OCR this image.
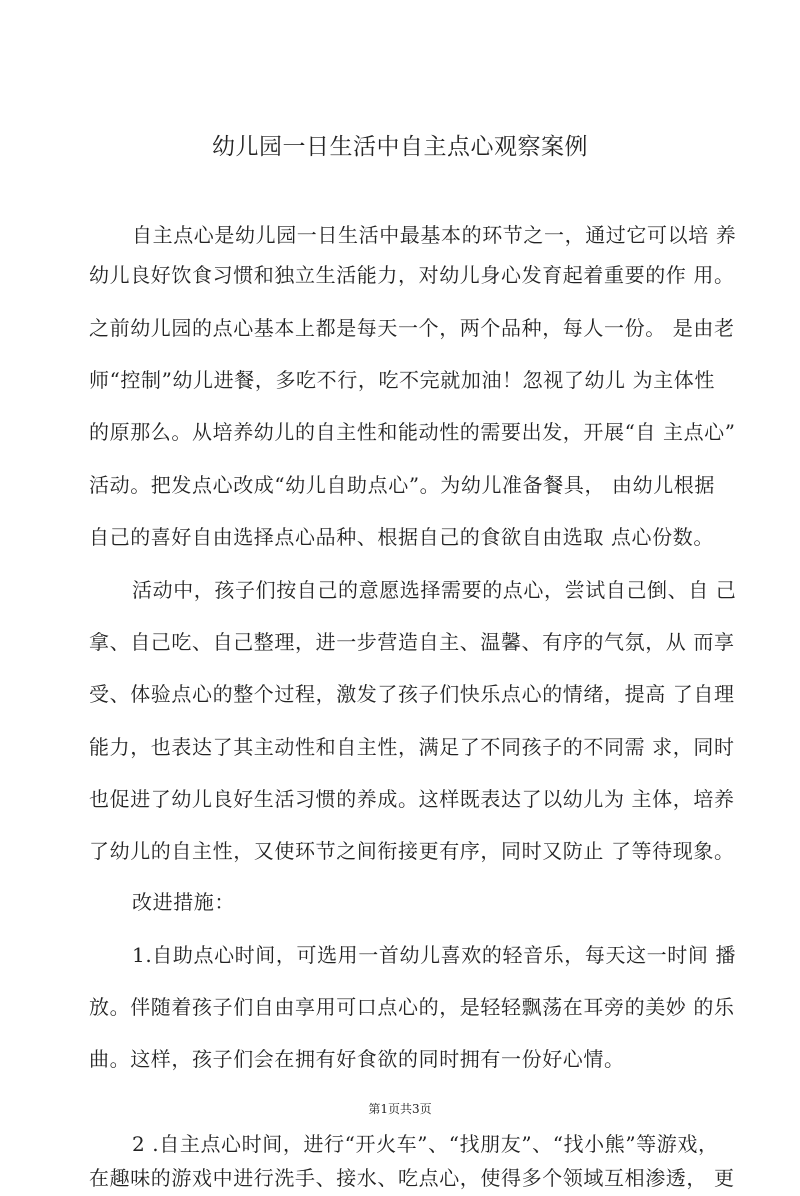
幼儿园一日生活中自主点心观察案例
自主点心是幼儿园一日生活中最基本的环节之一，通过它可以培 养
幼儿良好饮食习惯和独立生活能力，对幼儿身心发育起着重要的作 用。
之前幼儿园的点心基本上都是每天一个，两个品种，每人一份。 是由老
师“控制”幼儿进餐，多吃不行，吃不完就加油！忽视了幼儿 为主体性
的原那么。从培养幼儿的自主性和能动性的需要出发，开展“自 主点心”
活动。把发点心改成“幼儿自助点心”。为幼儿准备餐具， 由幼儿根据
自己的喜好自由选择点心品种、根据自己的食欲自由选取 点心份数。
活动中，孩子们按自己的意愿选择需要的点心，尝试自己倒、自 己
拿、自己吃、自己整理，进一步营造自主、温馨、有序的气氛，从 而享
受、体验点心的整个过程，激发了孩子们快乐点心的情绪，提高 了自理
能力，也表达了其主动性和自主性，满足了不同孩子的不同需 求，同时
也促进了幼儿良好生活习惯的养成。这样既表达了以幼儿为 主体，培养
了幼儿的自主性，又使环节之间衔接更有序，同时又防止 了等待现象。
改进措施：
1.自助点心时间，可选用一首幼儿喜欢的轻音乐，每天这一时间 播
放。伴随着孩子们自由享用可口点心的，是轻轻飘荡在耳旁的美妙 的乐
曲。这样，孩子们会在拥有好食欲的同时拥有一份好心情。
第1页共3页
2 .自主点心时间，进行“开火车”、“找朋友”、“找小熊”等游戏，
在趣味的游戏中进行洗手、接水、吃点心，使得多个领域互相渗透， 更
